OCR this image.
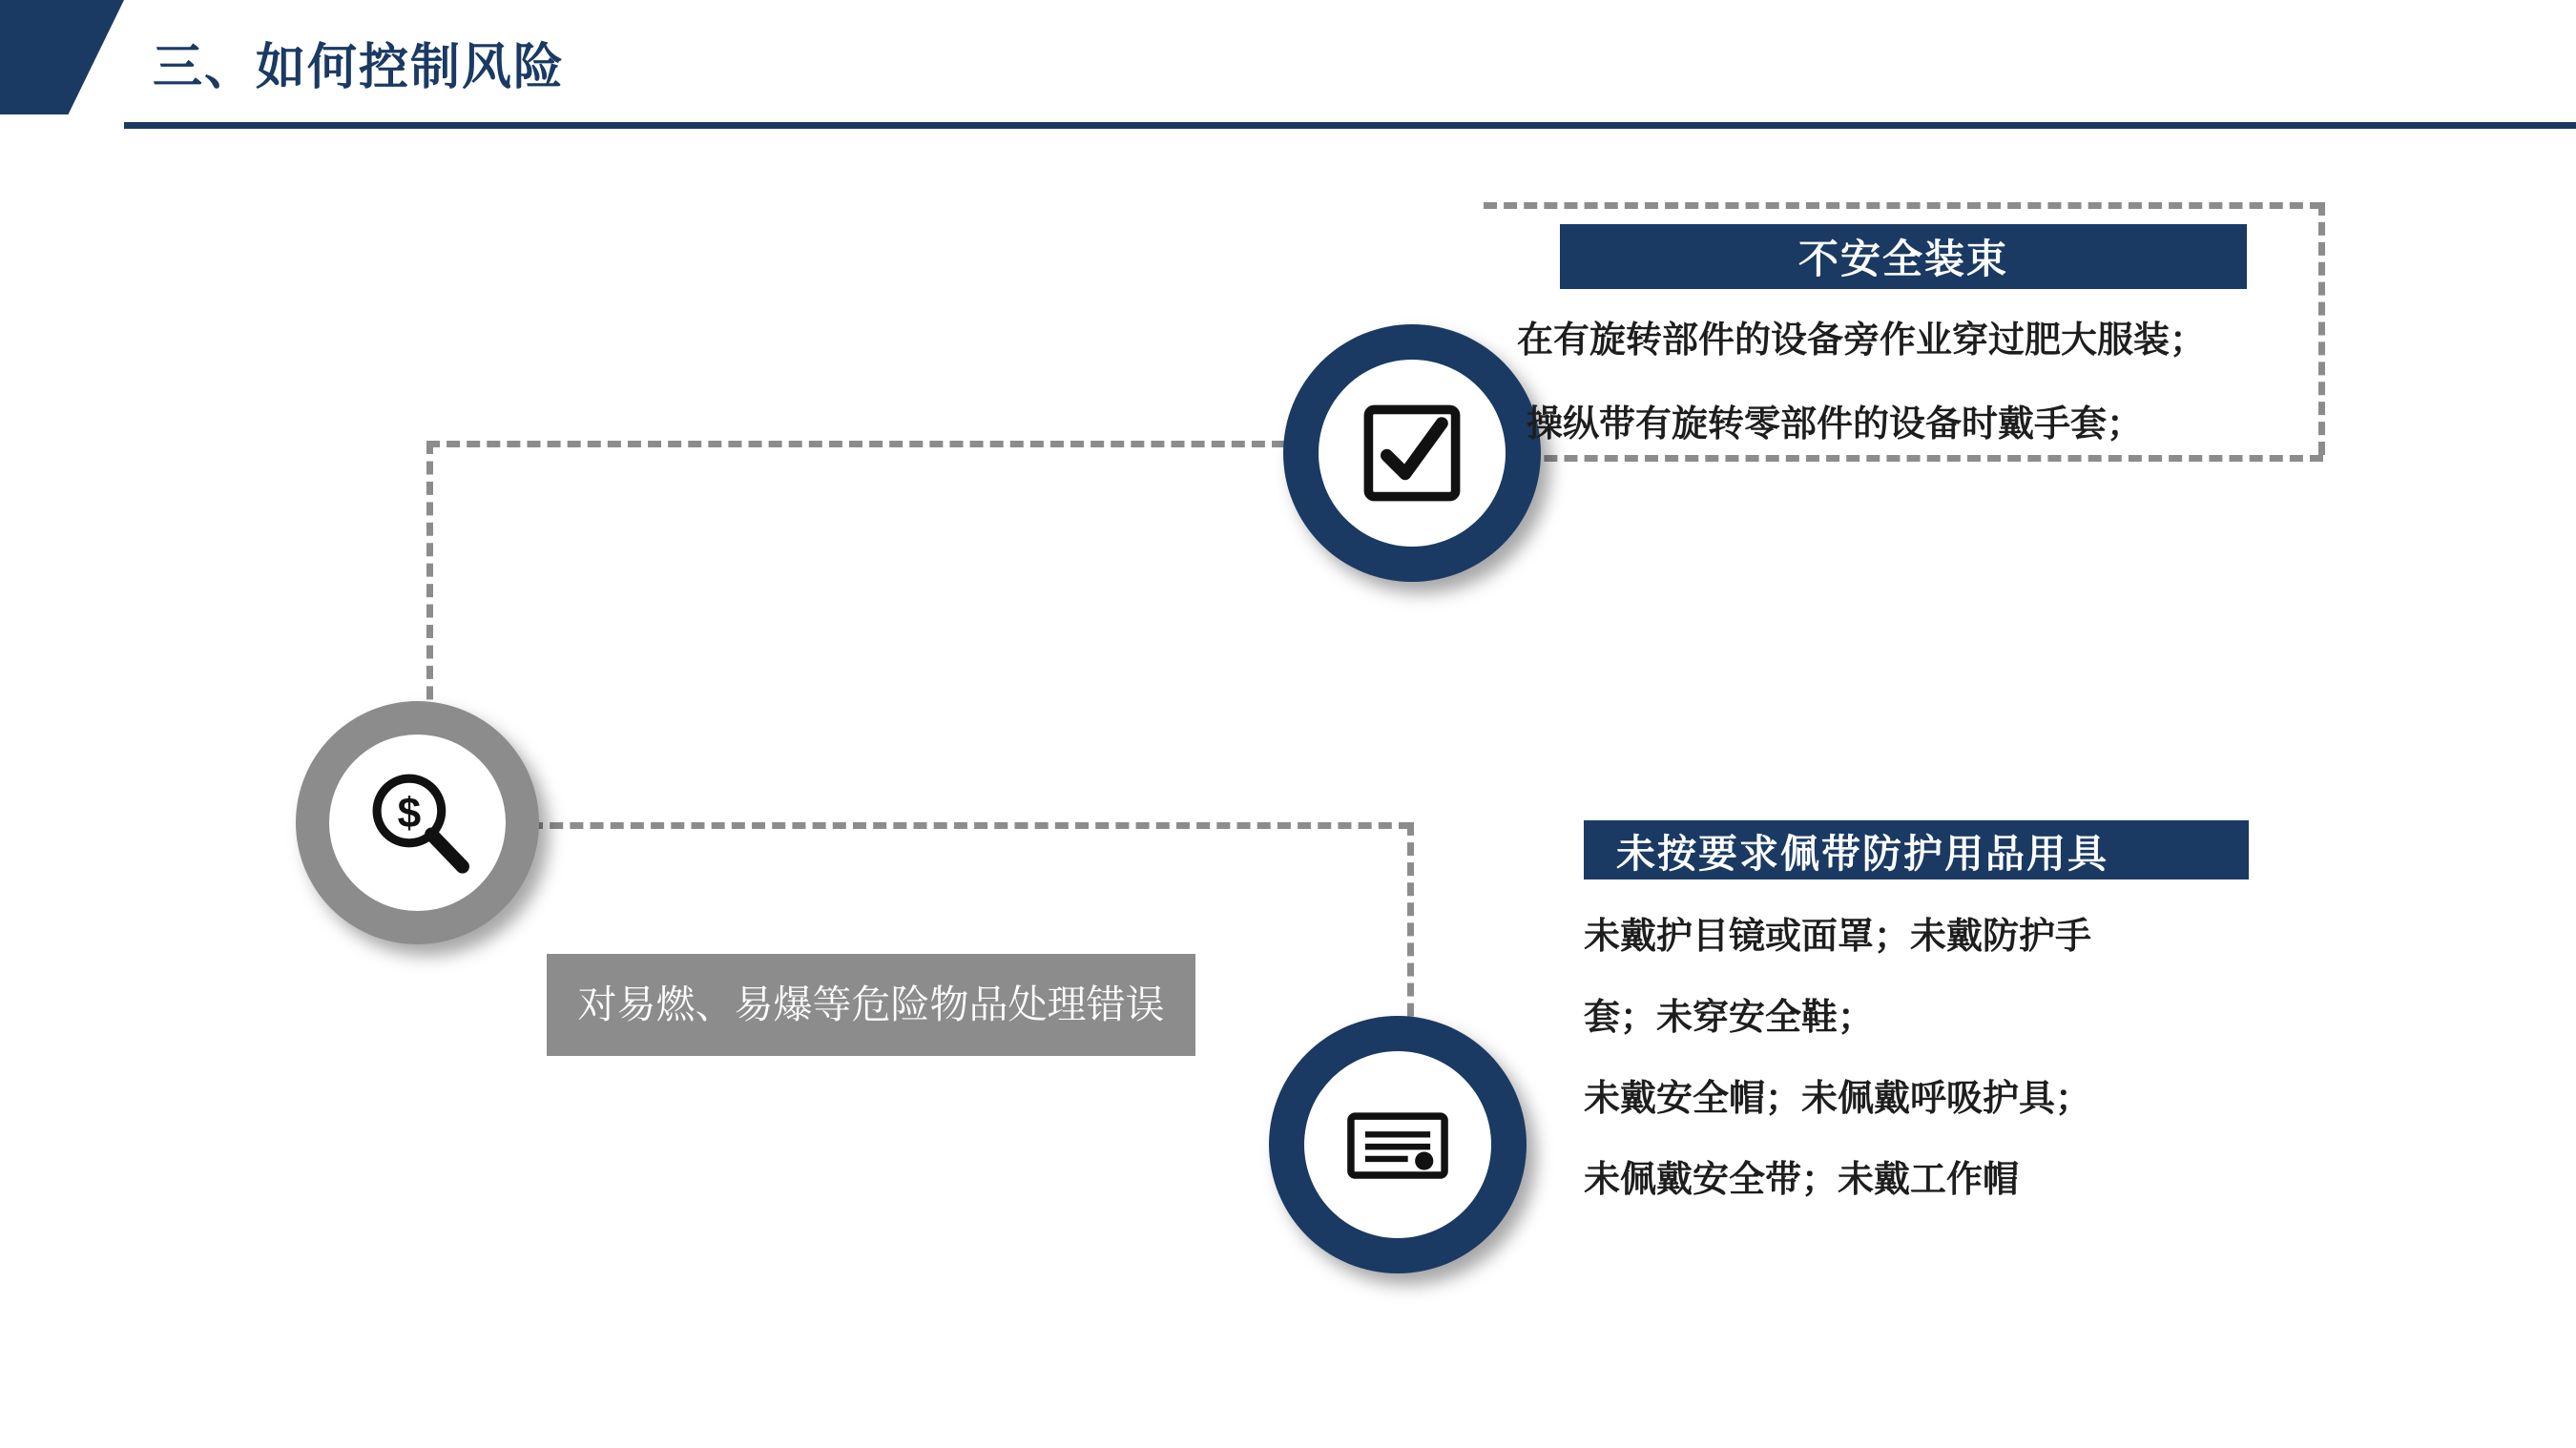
三、如何控制风险
$
不安全装束
在有旋转部件的设备旁作业穿过肥大服装；
操纵带有旋转零部件的设备时戴手套；
对易燃、易爆等危险物品处理错误
未按要求佩带防护用品用具
未戴护目镜或面罩；未戴防护手
套；未穿安全鞋；
未戴安全帽；未佩戴呼吸护具；
未佩戴安全带；未戴工作帽
